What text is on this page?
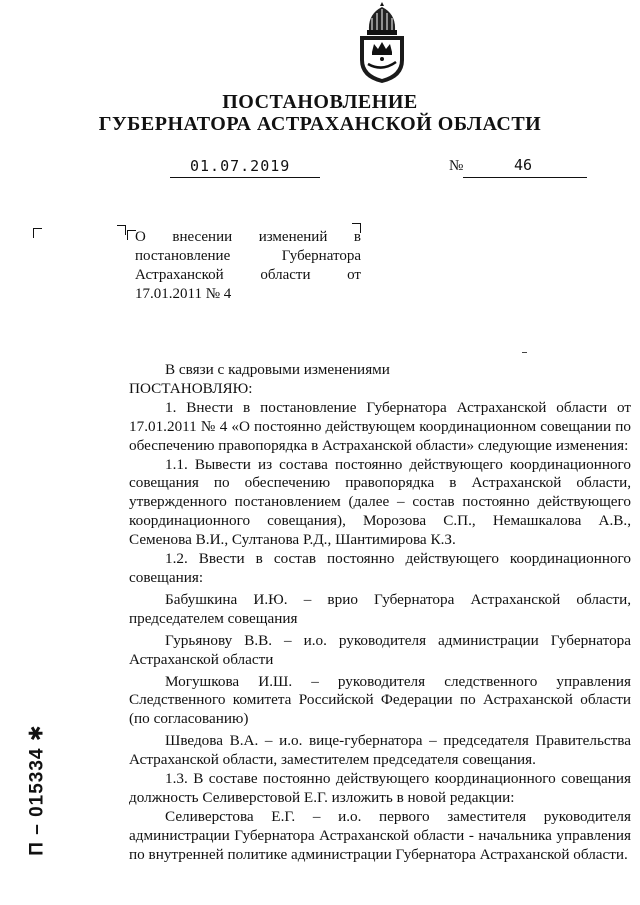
ПОСТАНОВЛЕНИЕ
ГУБЕРНАТОРА АСТРАХАНСКОЙ ОБЛАСТИ
01.07.2019	№	46
О внесении изменений в постановление Губернатора Астраханской области от 17.01.2011 № 4

В связи с кадровыми изменениями

ПОСТАНОВЛЯЮ:

1. Внести в постановление Губернатора Астраханской области от 17.01.2011 № 4 «О постоянно действующем координационном совещании по обеспечению правопорядка в Астраханской области» следующие изменения:

1.1. Вывести из состава постоянно действующего координационного совещания по обеспечению правопорядка в Астраханской области, утвержденного постановлением (далее – состав постоянно действующего координационного совещания), Морозова С.П., Немашкалова А.В., Семенова В.И., Султанова Р.Д., Шантимирова К.З.

1.2. Ввести в состав постоянно действующего координационного совещания:

Бабушкина И.Ю. – врио Губернатора Астраханской области, председателем совещания

Гурьянову В.В. – и.о. руководителя администрации Губернатора Астраханской области

Могушкова И.Ш. – руководителя следственного управления Следственного комитета Российской Федерации по Астраханской области (по согласованию)

Шведова В.А. – и.о. вице-губернатора – председателя Правительства Астраханской области, заместителем председателя совещания.

1.3. В составе постоянно действующего координационного совещания должность Селиверстовой Е.Г. изложить в новой редакции:

Селиверстова Е.Г. – и.о. первого заместителя руководителя администрации Губернатора Астраханской области - начальника управления по внутренней политике администрации Губернатора Астраханской области.

П – 015334 ✱
